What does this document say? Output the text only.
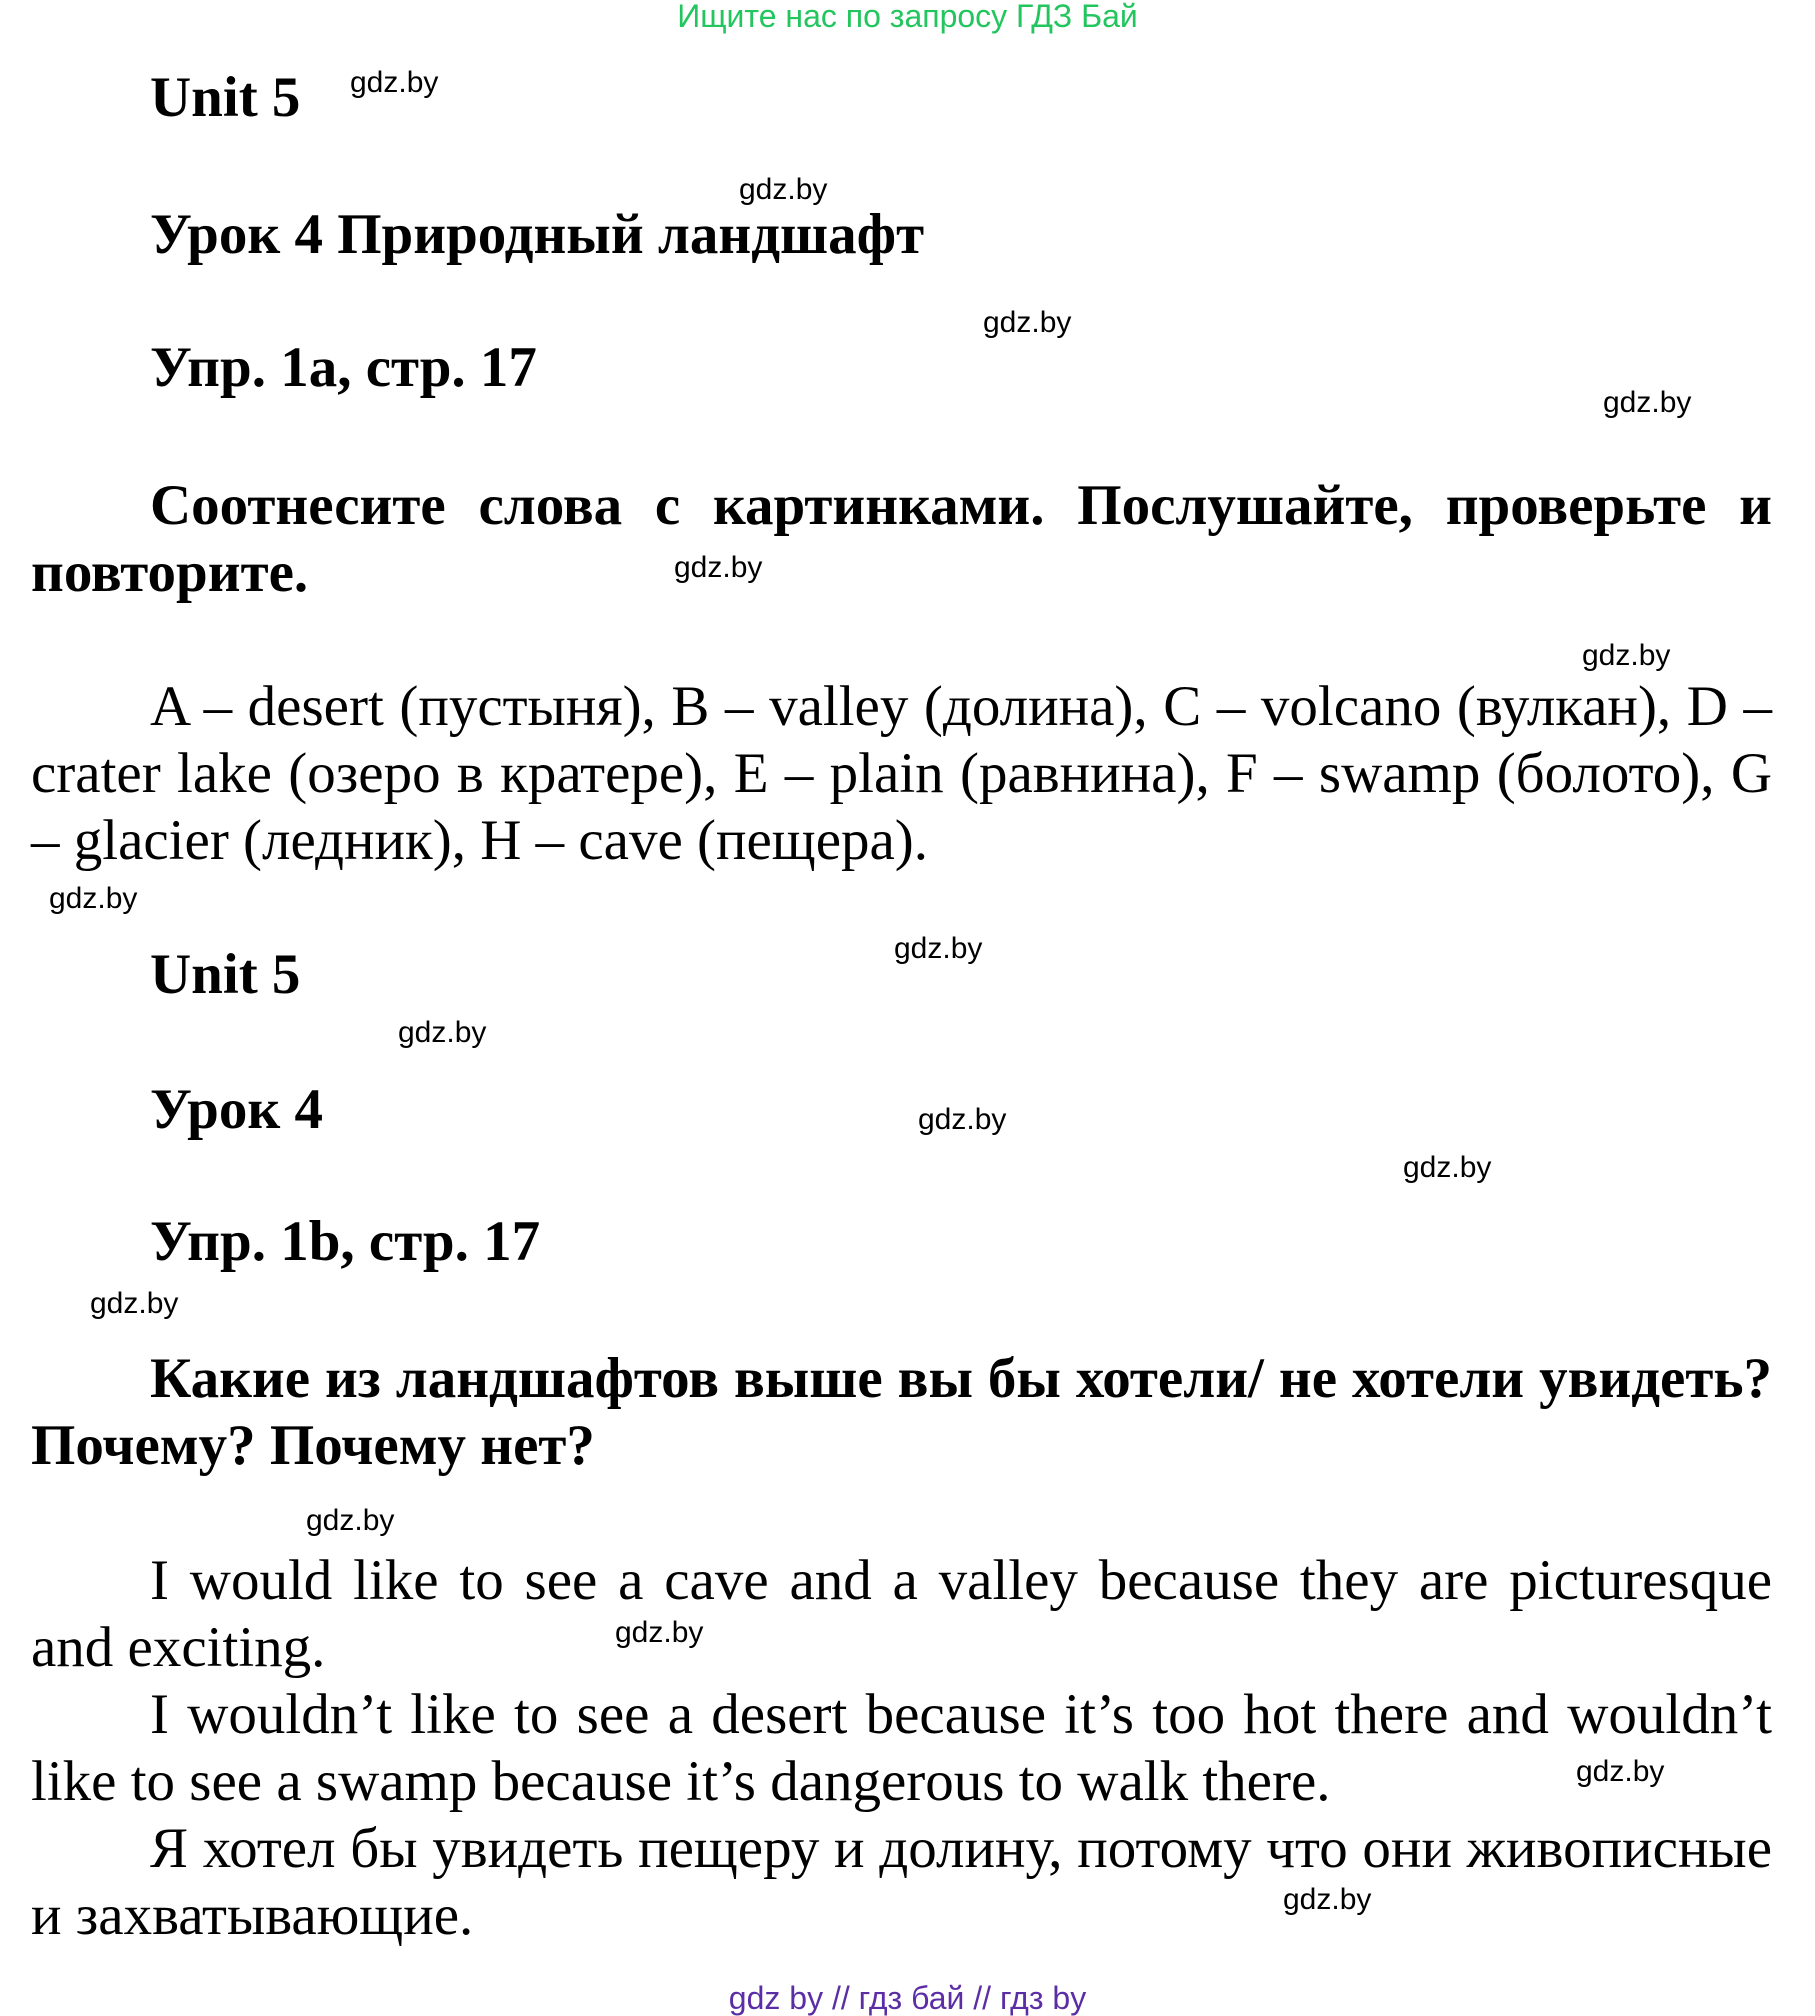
Ищите нас по запросу ГДЗ Бай
Unit 5
Урок 4 Природный ландшафт
Упр. 1a, стр. 17
Соотнесите слова с картинками. Послушайте, проверьте и повторите.
A – desert (пустыня), B – valley (долина), C – volcano (вулкан), D – crater lake (озеро в кратере), E – plain (равнина), F – swamp (болото), G – glacier (ледник), H – cave (пещера).
Unit 5
Урок 4
Упр. 1b, стр. 17
Какие из ландшафтов выше вы бы хотели/ не хотели увидеть? Почему? Почему нет?
I would like to see a cave and a valley because they are picturesque and exciting.
I wouldn’t like to see a desert because it’s too hot there and wouldn’t like to see a swamp because it’s dangerous to walk there.
Я хотел бы увидеть пещеру и долину, потому что они живописные и захватывающие.
gdz.by
gdz.by
gdz.by
gdz.by
gdz.by
gdz.by
gdz.by
gdz.by
gdz.by
gdz.by
gdz.by
gdz.by
gdz.by
gdz.by
gdz.by
gdz.by
gdz by // гдз бай // гдз by
